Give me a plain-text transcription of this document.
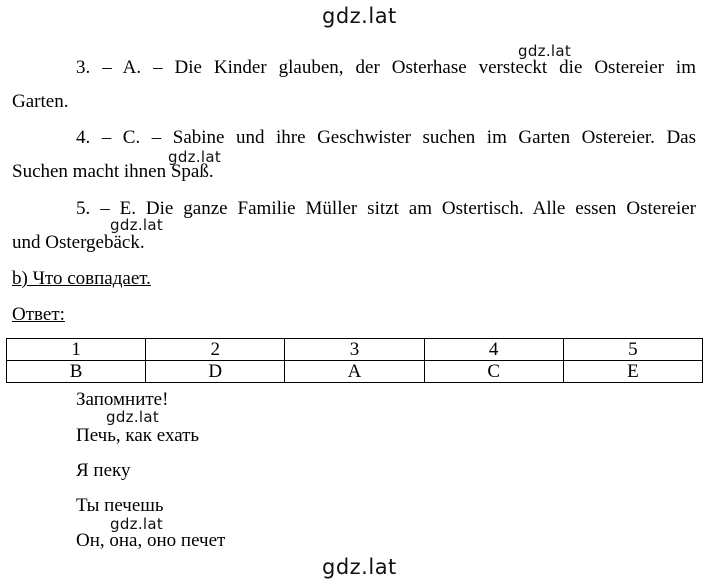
gdz.lat
3. – A. – Die Kinder glauben, der Osterhase versteckt die Ostereier im
gdz.lat
Garten.
4. – C. – Sabine und ihre Geschwister suchen im Garten Ostereier. Das
gdz.lat
Suchen macht ihnen Spaß.
5. – E. Die ganze Familie Müller sitzt am Ostertisch. Alle essen Ostereier
gdz.lat
und Ostergebäck.
b) Что совпадает.
Ответ:
1	2	3	4	5
B	D	A	C	E
Запомните!
gdz.lat
Печь, как ехать
Я пеку
Ты печешь
gdz.lat
Он, она, оно печет
gdz.lat
